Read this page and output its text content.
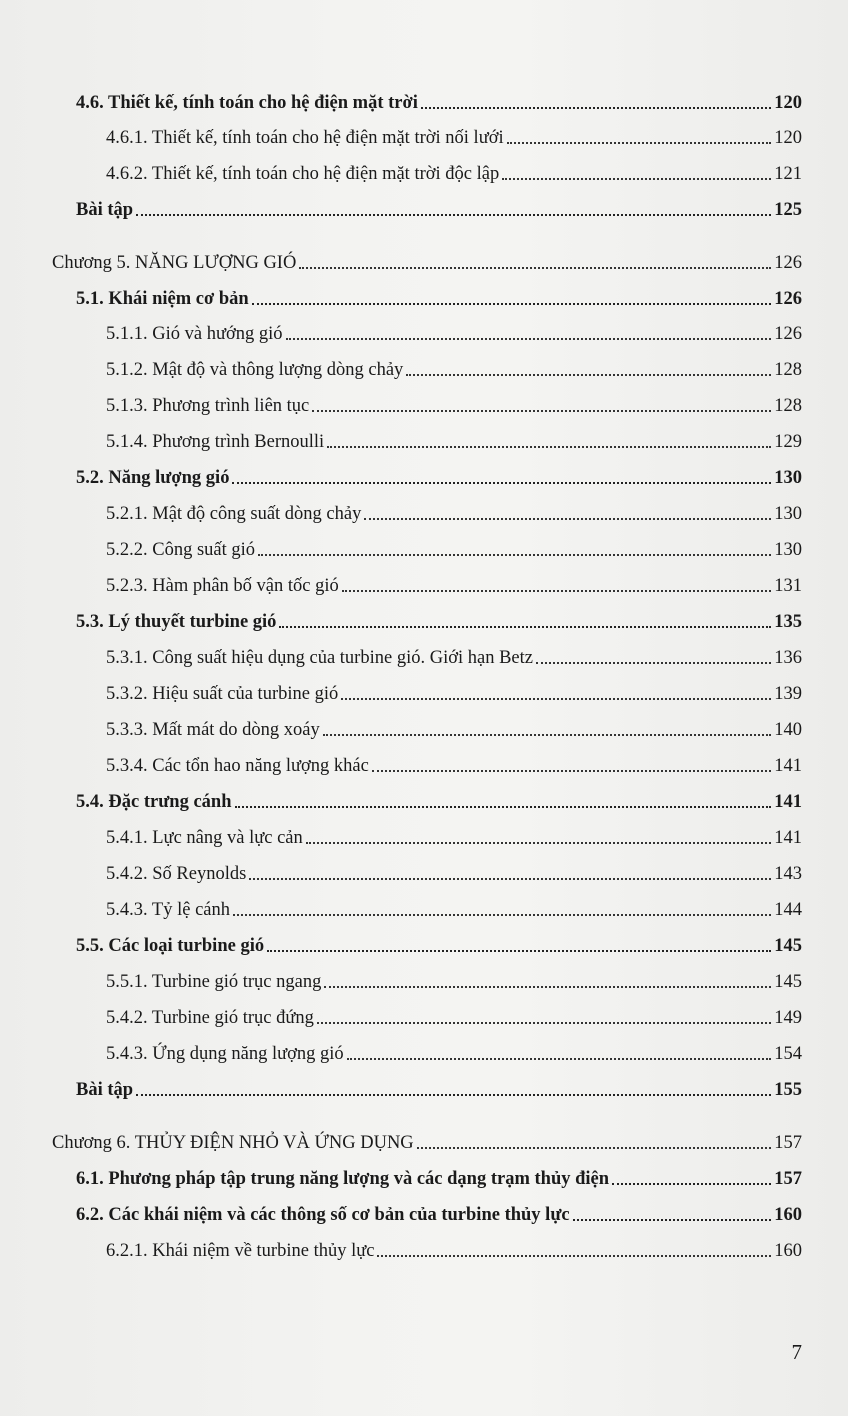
4.6. Thiết kế, tính toán cho hệ điện mặt trời	120
4.6.1. Thiết kế, tính toán cho hệ điện mặt trời nối lưới	120
4.6.2. Thiết kế, tính toán cho hệ điện mặt trời độc lập	121
Bài tập	125
Chương 5. NĂNG LƯỢNG GIÓ	126
5.1. Khái niệm cơ bản	126
5.1.1. Gió và hướng gió	126
5.1.2. Mật độ và thông lượng dòng chảy	128
5.1.3. Phương trình liên tục	128
5.1.4. Phương trình Bernoulli	129
5.2. Năng lượng gió	130
5.2.1. Mật độ công suất dòng chảy	130
5.2.2. Công suất gió	130
5.2.3. Hàm phân bố vận tốc gió	131
5.3. Lý thuyết turbine gió	135
5.3.1. Công suất hiệu dụng của turbine gió. Giới hạn Betz	136
5.3.2. Hiệu suất của turbine gió	139
5.3.3. Mất mát do dòng xoáy	140
5.3.4. Các tổn hao năng lượng khác	141
5.4. Đặc trưng cánh	141
5.4.1. Lực nâng và lực cản	141
5.4.2. Số Reynolds	143
5.4.3. Tỷ lệ cánh	144
5.5. Các loại turbine gió	145
5.5.1. Turbine gió trục ngang	145
5.4.2. Turbine gió trục đứng	149
5.4.3. Ứng dụng năng lượng gió	154
Bài tập	155
Chương 6. THỦY ĐIỆN NHỎ VÀ ỨNG DỤNG	157
6.1. Phương pháp tập trung năng lượng và các dạng trạm thủy điện	157
6.2. Các khái niệm và các thông số cơ bản của turbine thủy lực	160
6.2.1. Khái niệm về turbine thủy lực	160
7
